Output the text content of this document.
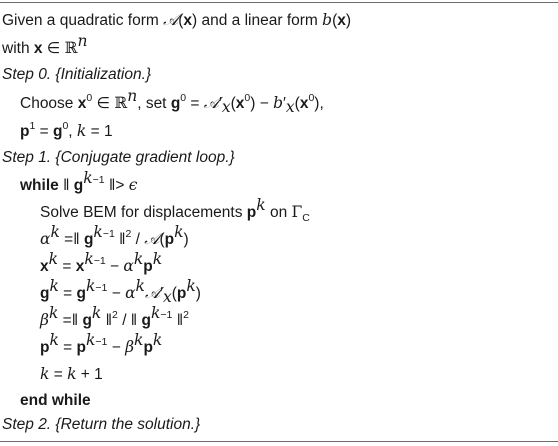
Given a quadratic form 𝒜(x) and a linear form b(x)
with x ∈ ℝ$^n$
Step 0. {Initialization.}
Choose $x^0$ ∈ ℝ$^n$, set $g^0$ = $𝒜'_x(x^0) - b'_x(x^0)$,
$p^1 = g^0$, k = 1
Step 1. {Conjugate gradient loop.}
while ‖ $g^{k-1}$ ‖> ϵ
Solve BEM for displacements $p^k$ on $\Gamma_C$
$\alpha^k$ =‖ $g^{k-1}$ ‖$^2$ / $𝒜(p^k)$
$x^k = x^{k-1} - \alpha^kp^k$
$g^k = g^{k-1}$ − $\alpha^k𝒜'_x(p^k)$
$\beta^k$ =‖ $g^k$ ‖$^2$ / ‖ $g^{k-1}$ ‖$^2$
$p^k = p^{k-1} - \beta^kp^k$
k = k + 1
end while
Step 2. {Return the solution.}
